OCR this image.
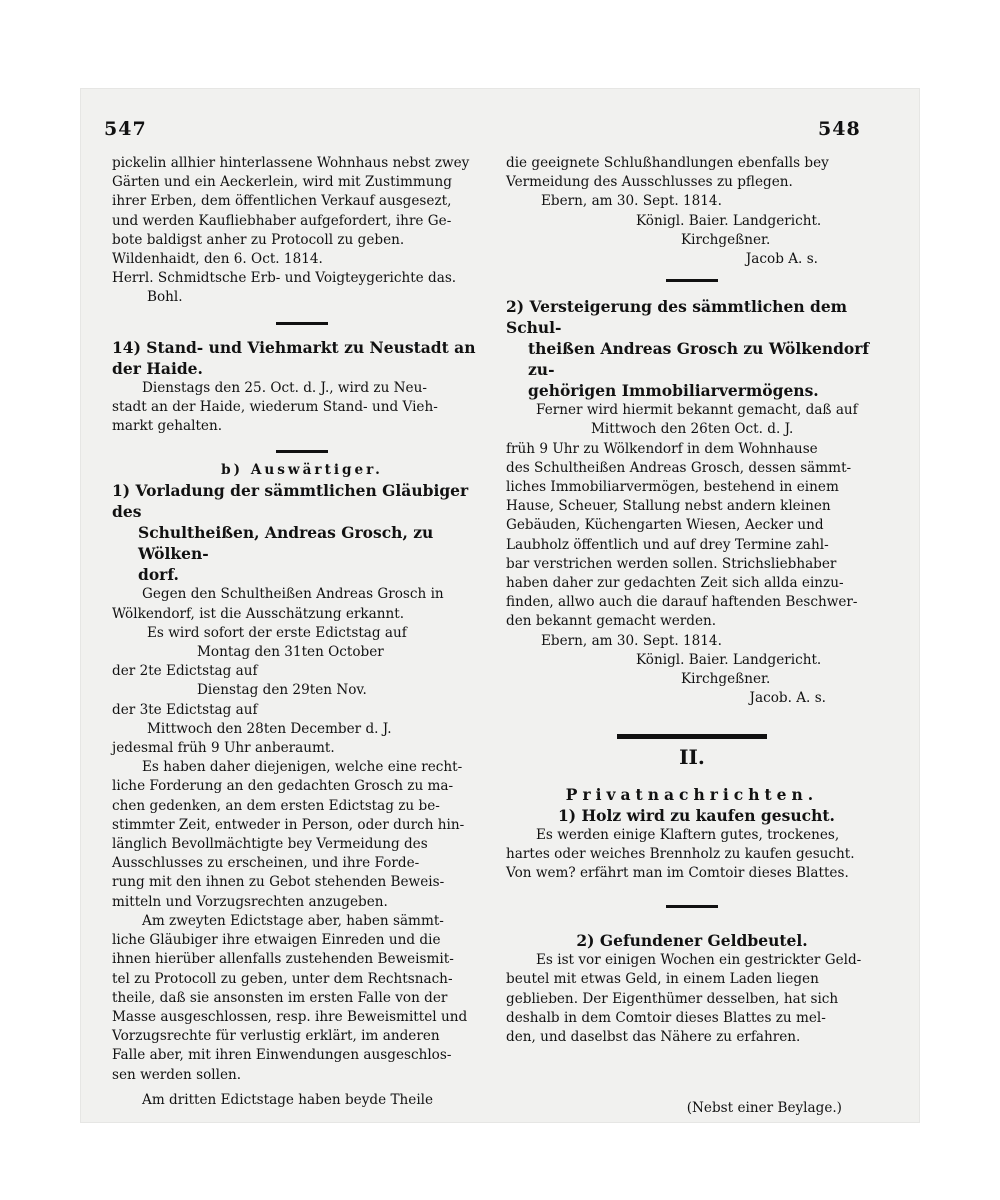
547	548

pickelin allhier hinterlassene Wohnhaus nebst zwey

Gärten und ein Aeckerlein, wird mit Zustimmung

ihrer Erben, dem öffentlichen Verkauf ausgesezt,

und werden Kaufliebhaber aufgefordert, ihre Ge-

bote baldigst anher zu Protocoll zu geben.

Wildenhaidt, den 6. Oct. 1814.

Herrl. Schmidtsche Erb- und Voigteygerichte das.

Bohl.

14) Stand- und Viehmarkt zu Neustadt an

der Haide.

Dienstags den 25. Oct. d. J., wird zu Neu-

stadt an der Haide, wiederum Stand- und Vieh-

markt gehalten.

b) Auswärtiger.

1) Vorladung der sämmtlichen Gläubiger des

Schultheißen, Andreas Grosch, zu Wölken-

dorf.

Gegen den Schultheißen Andreas Grosch in

Wölkendorf, ist die Ausschätzung erkannt.

Es wird sofort der erste Edictstag auf

Montag den 31ten October

der 2te Edictstag auf

Dienstag den 29ten Nov.

der 3te Edictstag auf

Mittwoch den 28ten December d. J.

jedesmal früh 9 Uhr anberaumt.

Es haben daher diejenigen, welche eine recht-

liche Forderung an den gedachten Grosch zu ma-

chen gedenken, an dem ersten Edictstag zu be-

stimmter Zeit, entweder in Person, oder durch hin-

länglich Bevollmächtigte bey Vermeidung des

Ausschlusses zu erscheinen, und ihre Forde-

rung mit den ihnen zu Gebot stehenden Beweis-

mitteln und Vorzugsrechten anzugeben.

Am zweyten Edictstage aber, haben sämmt-

liche Gläubiger ihre etwaigen Einreden und die

ihnen hierüber allenfalls zustehenden Beweismit-

tel zu Protocoll zu geben, unter dem Rechtsnach-

theile, daß sie ansonsten im ersten Falle von der

Masse ausgeschlossen, resp. ihre Beweismittel und

Vorzugsrechte für verlustig erklärt, im anderen

Falle aber, mit ihren Einwendungen ausgeschlos-

sen werden sollen.

Am dritten Edictstage haben beyde Theile

die geeignete Schlußhandlungen ebenfalls bey

Vermeidung des Ausschlusses zu pflegen.

Ebern, am 30. Sept. 1814.

Königl. Baier. Landgericht.

Kirchgeßner.

Jacob A. s.

2) Versteigerung des sämmtlichen dem Schul-

theißen Andreas Grosch zu Wölkendorf zu-

gehörigen Immobiliarvermögens.

Ferner wird hiermit bekannt gemacht, daß auf

Mittwoch den 26ten Oct. d. J.

früh 9 Uhr zu Wölkendorf in dem Wohnhause

des Schultheißen Andreas Grosch, dessen sämmt-

liches Immobiliarvermögen, bestehend in einem

Hause, Scheuer, Stallung nebst andern kleinen

Gebäuden, Küchengarten Wiesen, Aecker und

Laubholz öffentlich und auf drey Termine zahl-

bar verstrichen werden sollen. Strichsliebhaber

haben daher zur gedachten Zeit sich allda einzu-

finden, allwo auch die darauf haftenden Beschwer-

den bekannt gemacht werden.

Ebern, am 30. Sept. 1814.

Königl. Baier. Landgericht.

Kirchgeßner.

Jacob. A. s.

II.

Privatnachrichten.

1) Holz wird zu kaufen gesucht.

Es werden einige Klaftern gutes, trockenes,

hartes oder weiches Brennholz zu kaufen gesucht.

Von wem? erfährt man im Comtoir dieses Blattes.

2) Gefundener Geldbeutel.

Es ist vor einigen Wochen ein gestrickter Geld-

beutel mit etwas Geld, in einem Laden liegen

geblieben. Der Eigenthümer desselben, hat sich

deshalb in dem Comtoir dieses Blattes zu mel-

den, und daselbst das Nähere zu erfahren.

(Nebst einer Beylage.)
